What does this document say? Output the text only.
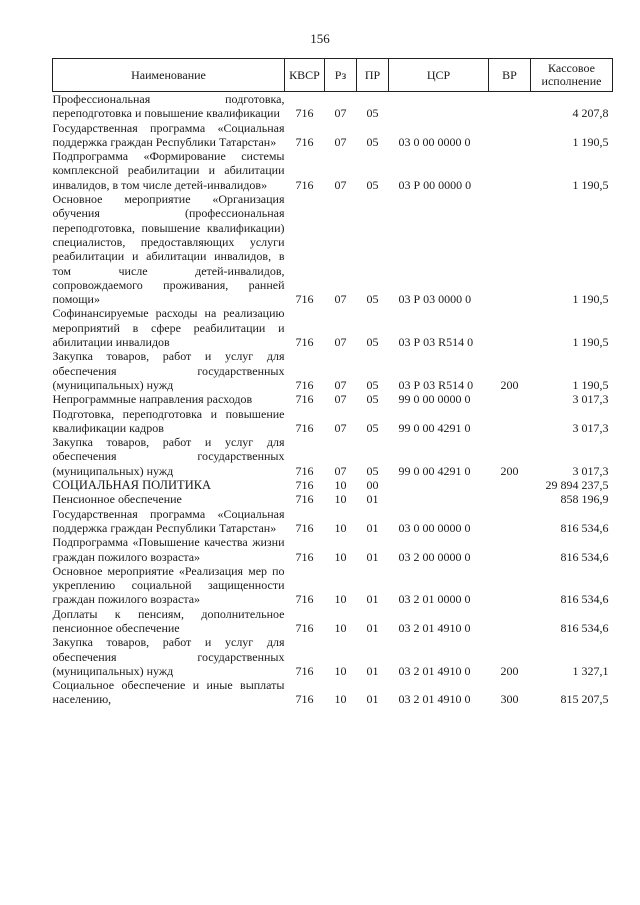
156
Наименование	КВСР	Рз	ПР	ЦСР	ВР	Кассовое исполнение
Профессиональная подготовка, переподготовка и повышение квалификации	716	07	05			4 207,8
Государственная программа «Социальная поддержка граждан Республики Татарстан»	716	07	05	03 0 00 0000 0		1 190,5
Подпрограмма «Формирование системы комплексной реабилитации и абилитации инвалидов, в том числе детей-инвалидов»	716	07	05	03 Р 00 0000 0		1 190,5
Основное мероприятие «Организация обучения (профессиональная переподготовка, повышение квалификации) специалистов, предоставляющих услуги реабилитации и абилитации инвалидов, в том числе детей-инвалидов, сопровождаемого проживания, ранней помощи»	716	07	05	03 Р 03 0000 0		1 190,5
Софинансируемые расходы на реализацию мероприятий в сфере реабилитации и абилитации инвалидов	716	07	05	03 Р 03 R514 0		1 190,5
Закупка товаров, работ и услуг для обеспечения государственных (муниципальных) нужд	716	07	05	03 Р 03 R514 0	200	1 190,5
Непрограммные направления расходов	716	07	05	99 0 00 0000 0		3 017,3
Подготовка, переподготовка и повышение квалификации кадров	716	07	05	99 0 00 4291 0		3 017,3
Закупка товаров, работ и услуг для обеспечения государственных (муниципальных) нужд	716	07	05	99 0 00 4291 0	200	3 017,3
СОЦИАЛЬНАЯ ПОЛИТИКА	716	10	00			29 894 237,5
Пенсионное обеспечение	716	10	01			858 196,9
Государственная программа «Социальная поддержка граждан Республики Татарстан»	716	10	01	03 0 00 0000 0		816 534,6
Подпрограмма «Повышение качества жизни граждан пожилого возраста»	716	10	01	03 2 00 0000 0		816 534,6
Основное мероприятие «Реализация мер по укреплению социальной защищенности граждан пожилого возраста»	716	10	01	03 2 01 0000 0		816 534,6
Доплаты к пенсиям, дополнительное пенсионное обеспечение	716	10	01	03 2 01 4910 0		816 534,6
Закупка товаров, работ и услуг для обеспечения государственных (муниципальных) нужд	716	10	01	03 2 01 4910 0	200	1 327,1
Социальное обеспечение и иные выплаты населению,	716	10	01	03 2 01 4910 0	300	815 207,5
